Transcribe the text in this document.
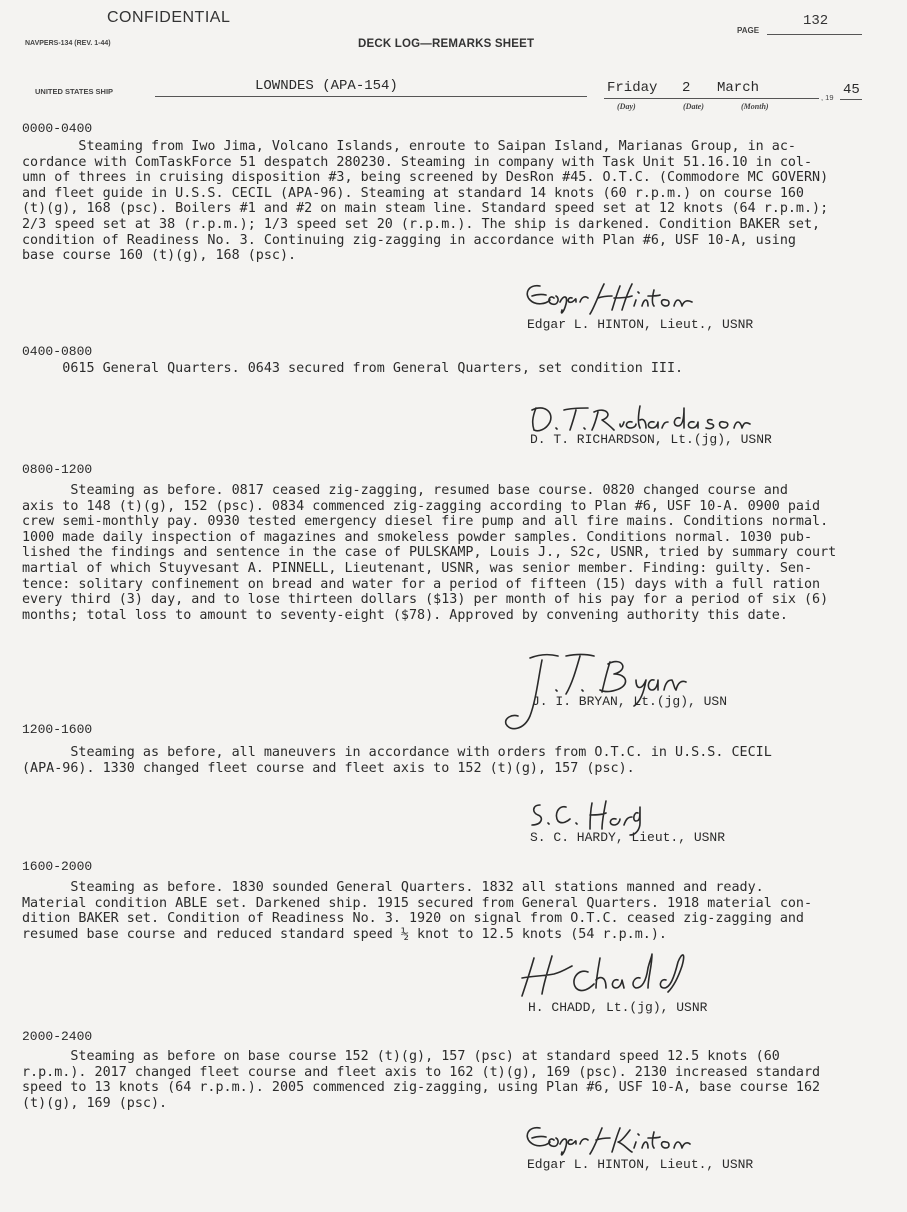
CONFIDENTIAL
NAVPERS-134 (REV. 1-44)	DECK LOG—REMARKS SHEET
PAGE
132
UNITED STATES SHIP	LOWNDES (APA-154)	Friday 2 March
(Day)	(Date)	(Month)
, 19 45
0000-0400
Steaming from Iwo Jima, Volcano Islands, enroute to Saipan Island, Marianas Group, in ac-
cordance with ComTaskForce 51 despatch 280230. Steaming in company with Task Unit 51.16.10 in col-
umn of threes in cruising disposition #3, being screened by DesRon #45. O.T.C. (Commodore MC GOVERN)
and fleet guide in U.S.S. CECIL (APA-96). Steaming at standard 14 knots (60 r.p.m.) on course 160
(t)(g), 168 (psc). Boilers #1 and #2 on main steam line. Standard speed set at 12 knots (64 r.p.m.);
2/3 speed set at 38 (r.p.m.); 1/3 speed set 20 (r.p.m.). The ship is darkened. Condition BAKER set,
condition of Readiness No. 3. Continuing zig-zagging in accordance with Plan #6, USF 10-A, using
base course 160 (t)(g), 168 (psc).
Edgar L. HINTON, Lieut., USNR
0400-0800
0615 General Quarters. 0643 secured from General Quarters, set condition III.
D. T. RICHARDSON, Lt.(jg), USNR
0800-1200
Steaming as before. 0817 ceased zig-zagging, resumed base course. 0820 changed course and
axis to 148 (t)(g), 152 (psc). 0834 commenced zig-zagging according to Plan #6, USF 10-A. 0900 paid
crew semi-monthly pay. 0930 tested emergency diesel fire pump and all fire mains. Conditions normal.
1000 made daily inspection of magazines and smokeless powder samples. Conditions normal. 1030 pub-
lished the findings and sentence in the case of PULSKAMP, Louis J., S2c, USNR, tried by summary court
martial of which Stuyvesant A. PINNELL, Lieutenant, USNR, was senior member. Finding: guilty. Sen-
tence: solitary confinement on bread and water for a period of fifteen (15) days with a full ration
every third (3) day, and to lose thirteen dollars ($13) per month of his pay for a period of six (6)
months; total loss to amount to seventy-eight ($78). Approved by convening authority this date.
J. I. BRYAN, Lt.(jg), USN
1200-1600
Steaming as before, all maneuvers in accordance with orders from O.T.C. in U.S.S. CECIL
(APA-96). 1330 changed fleet course and fleet axis to 152 (t)(g), 157 (psc).
S. C. HARDY, Lieut., USNR
1600-2000
Steaming as before. 1830 sounded General Quarters. 1832 all stations manned and ready.
Material condition ABLE set. Darkened ship. 1915 secured from General Quarters. 1918 material con-
dition BAKER set. Condition of Readiness No. 3. 1920 on signal from O.T.C. ceased zig-zagging and
resumed base course and reduced standard speed ½ knot to 12.5 knots (54 r.p.m.).
H. CHADD, Lt.(jg), USNR
2000-2400
Steaming as before on base course 152 (t)(g), 157 (psc) at standard speed 12.5 knots (60
r.p.m.). 2017 changed fleet course and fleet axis to 162 (t)(g), 169 (psc). 2130 increased standard
speed to 13 knots (64 r.p.m.). 2005 commenced zig-zagging, using Plan #6, USF 10-A, base course 162
(t)(g), 169 (psc).
Edgar L. HINTON, Lieut., USNR
